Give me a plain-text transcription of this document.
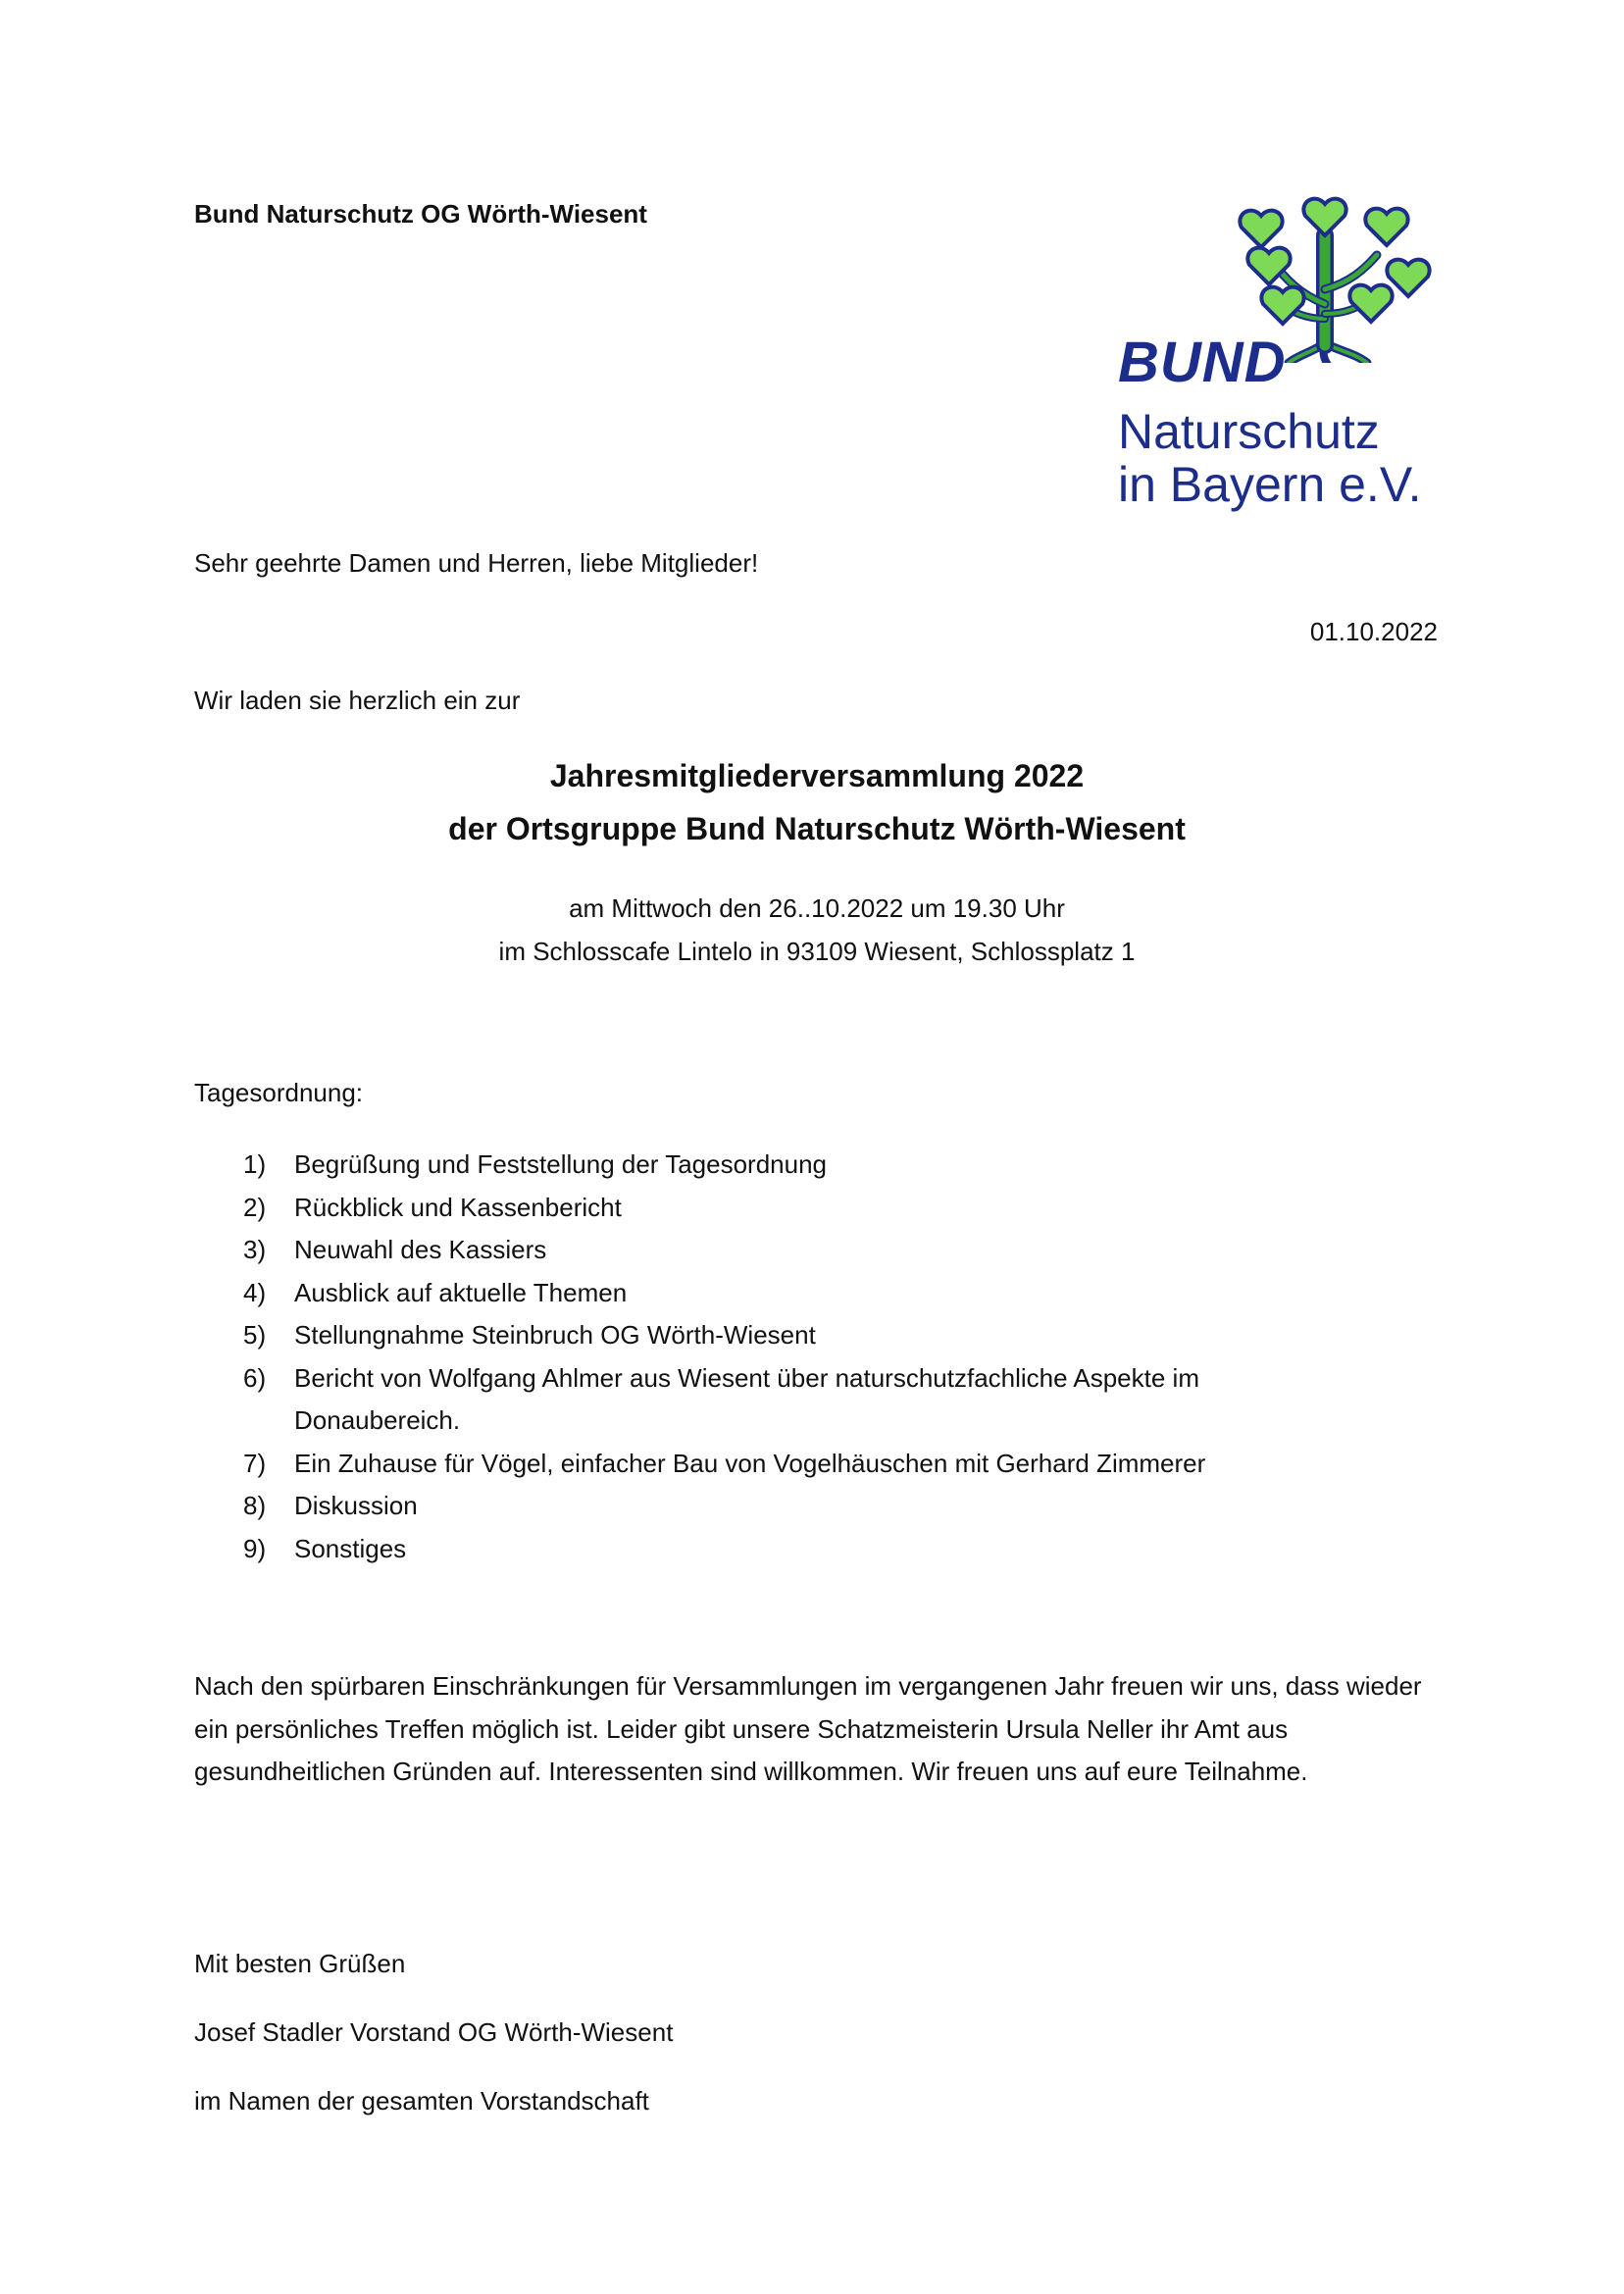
Bund Naturschutz OG Wörth-Wiesent
BUND
Naturschutz
in Bayern e.V.
Sehr geehrte Damen und Herren, liebe Mitglieder!
01.10.2022
Wir laden sie herzlich ein zur
Jahresmitgliederversammlung 2022
der Ortsgruppe Bund Naturschutz Wörth-Wiesent
am Mittwoch den 26..10.2022 um 19.30 Uhr
im Schlosscafe Lintelo in 93109 Wiesent, Schlossplatz 1
Tagesordnung:
1) Begrüßung und Feststellung der Tagesordnung
2) Rückblick und Kassenbericht
3) Neuwahl des Kassiers
4) Ausblick auf aktuelle Themen
5) Stellungnahme Steinbruch OG Wörth-Wiesent
6) Bericht von Wolfgang Ahlmer aus Wiesent über naturschutzfachliche Aspekte im Donaubereich.
7) Ein Zuhause für Vögel, einfacher Bau von Vogelhäuschen mit Gerhard Zimmerer
8) Diskussion
9) Sonstiges
Nach den spürbaren Einschränkungen für Versammlungen im vergangenen Jahr freuen wir uns, dass wieder ein persönliches Treffen möglich ist. Leider gibt unsere Schatzmeisterin Ursula Neller ihr Amt aus gesundheitlichen Gründen auf. Interessenten sind willkommen. Wir freuen uns auf eure Teilnahme.
Mit besten Grüßen
Josef Stadler Vorstand OG Wörth-Wiesent
im Namen der gesamten Vorstandschaft
